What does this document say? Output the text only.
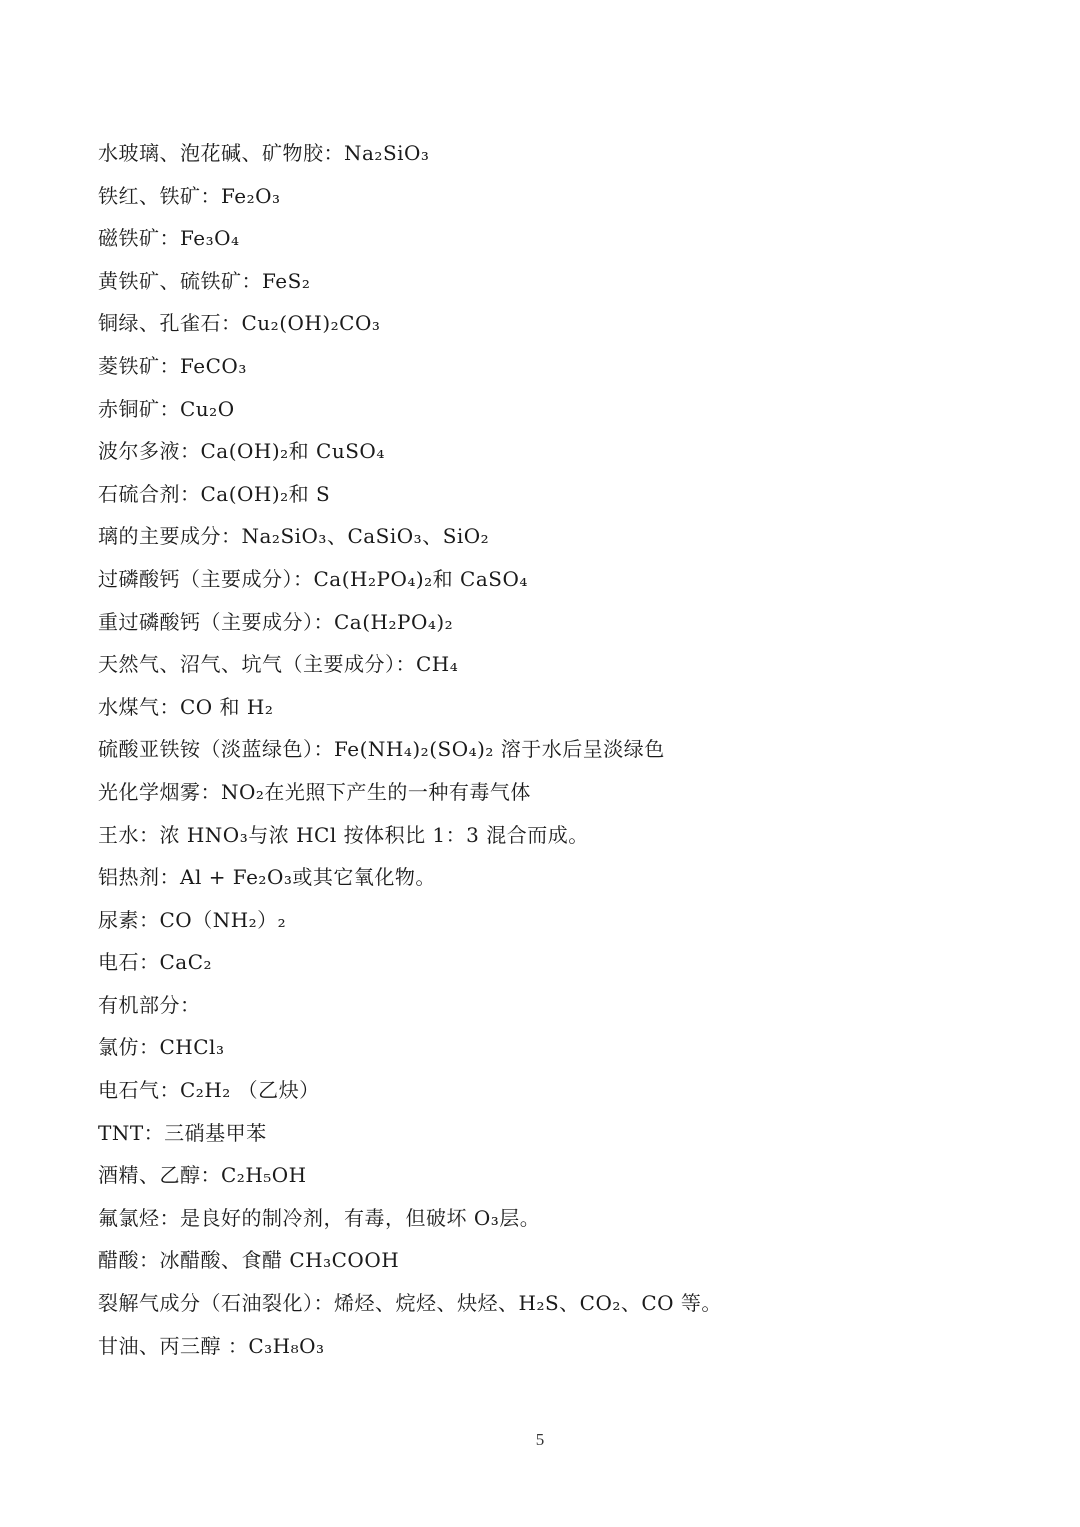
水玻璃、泡花碱、矿物胶：Na₂SiO₃
铁红、铁矿：Fe₂O₃
磁铁矿：Fe₃O₄
黄铁矿、硫铁矿：FeS₂
铜绿、孔雀石：Cu₂(OH)₂CO₃
菱铁矿：FeCO₃
赤铜矿：Cu₂O
波尔多液：Ca(OH)₂和 CuSO₄
石硫合剂：Ca(OH)₂和 S
璃的主要成分：Na₂SiO₃、CaSiO₃、SiO₂
过磷酸钙（主要成分）：Ca(H₂PO₄)₂和 CaSO₄
重过磷酸钙（主要成分）：Ca(H₂PO₄)₂
天然气、沼气、坑气（主要成分）：CH₄
水煤气：CO 和 H₂
硫酸亚铁铵（淡蓝绿色）：Fe(NH₄)₂(SO₄)₂ 溶于水后呈淡绿色
光化学烟雾：NO₂在光照下产生的一种有毒气体
王水：浓 HNO₃与浓 HCl 按体积比 1：3 混合而成。
铝热剂：Al + Fe₂O₃或其它氧化物。
尿素：CO（NH₂）₂
电石：CaC₂
有机部分：
氯仿：CHCl₃
电石气：C₂H₂ （乙炔）
TNT：三硝基甲苯
酒精、乙醇：C₂H₅OH
氟氯烃：是良好的制冷剂，有毒，但破坏 O₃层。
醋酸：冰醋酸、食醋 CH₃COOH
裂解气成分（石油裂化）：烯烃、烷烃、炔烃、H₂S、CO₂、CO 等。
甘油、丙三醇 ：C₃H₈O₃
5
